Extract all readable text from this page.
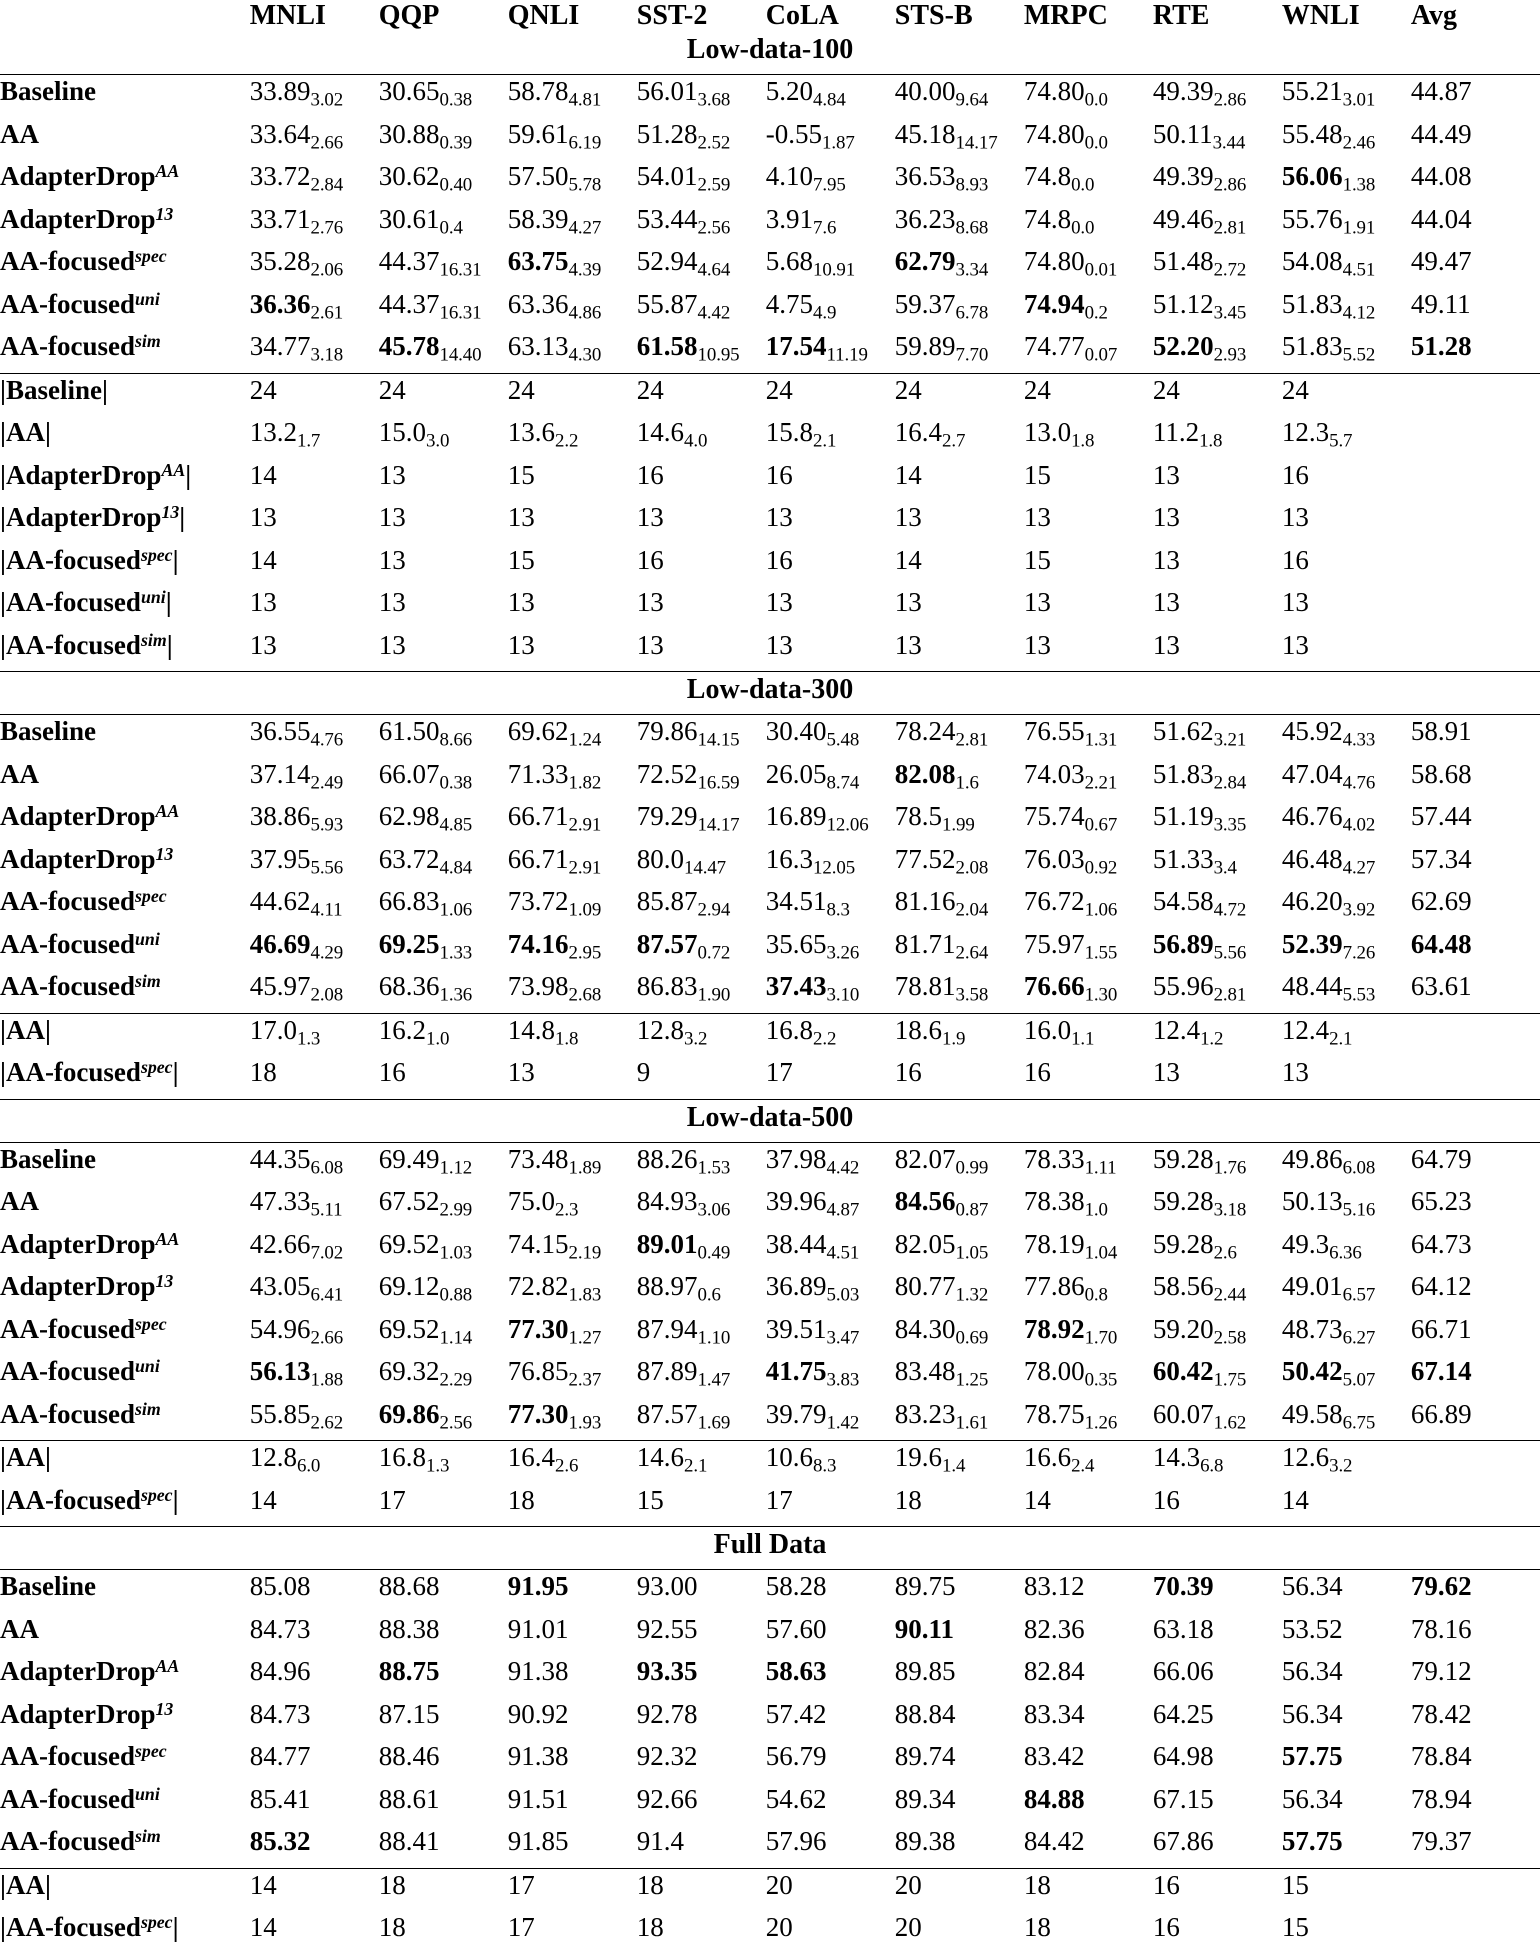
	MNLI	QQP	QNLI	SST-2	CoLA	STS-B	MRPC	RTE	WNLI	Avg
Low-data-100										
Baseline	$33.89_{3.02}$	$30.65_{0.38}$	$58.78_{4.81}$	$56.01_{3.68}$	$5.20_{4.84}$	$40.00_{9.64}$	$74.80_{0.0}$	$49.39_{2.86}$	$55.21_{3.01}$	44.87
AA	$33.64_{2.66}$	$30.88_{0.39}$	$59.61_{6.19}$	$51.28_{2.52}$	$-0.55_{1.87}$	$45.18_{14.17}$	$74.80_{0.0}$	$50.11_{3.44}$	$55.48_{2.46}$	44.49
AdapterDrop$^{AA}$	$33.72_{2.84}$	$30.62_{0.40}$	$57.50_{5.78}$	$54.01_{2.59}$	$4.10_{7.95}$	$36.53_{8.93}$	$74.8_{0.0}$	$49.39_{2.86}$	$56.06_{1.38}$	44.08
AdapterDrop$^{13}$	$33.71_{2.76}$	$30.61_{0.4}$	$58.39_{4.27}$	$53.44_{2.56}$	$3.91_{7.6}$	$36.23_{8.68}$	$74.8_{0.0}$	$49.46_{2.81}$	$55.76_{1.91}$	44.04
AA-focused$^{spec}$	$35.28_{2.06}$	$44.37_{16.31}$	$63.75_{4.39}$	$52.94_{4.64}$	$5.68_{10.91}$	$62.79_{3.34}$	$74.80_{0.01}$	$51.48_{2.72}$	$54.08_{4.51}$	49.47
AA-focused$^{uni}$	$36.36_{2.61}$	$44.37_{16.31}$	$63.36_{4.86}$	$55.87_{4.42}$	$4.75_{4.9}$	$59.37_{6.78}$	$74.94_{0.2}$	$51.12_{3.45}$	$51.83_{4.12}$	49.11
AA-focused$^{sim}$	$34.77_{3.18}$	$45.78_{14.40}$	$63.13_{4.30}$	$61.58_{10.95}$	$17.54_{11.19}$	$59.89_{7.70}$	$74.77_{0.07}$	$52.20_{2.93}$	$51.83_{5.52}$	51.28
|Baseline|	24	24	24	24	24	24	24	24	24	
|AA|	$13.2_{1.7}$	$15.0_{3.0}$	$13.6_{2.2}$	$14.6_{4.0}$	$15.8_{2.1}$	$16.4_{2.7}$	$13.0_{1.8}$	$11.2_{1.8}$	$12.3_{5.7}$	
|AdapterDrop$^{AA}$|	14	13	15	16	16	14	15	13	16	
|AdapterDrop$^{13}$|	13	13	13	13	13	13	13	13	13	
|AA-focused$^{spec}$|	14	13	15	16	16	14	15	13	16	
|AA-focused$^{uni}$|	13	13	13	13	13	13	13	13	13	
|AA-focused$^{sim}$|	13	13	13	13	13	13	13	13	13	
Low-data-300										
Baseline	$36.55_{4.76}$	$61.50_{8.66}$	$69.62_{1.24}$	$79.86_{14.15}$	$30.40_{5.48}$	$78.24_{2.81}$	$76.55_{1.31}$	$51.62_{3.21}$	$45.92_{4.33}$	58.91
AA	$37.14_{2.49}$	$66.07_{0.38}$	$71.33_{1.82}$	$72.52_{16.59}$	$26.05_{8.74}$	$82.08_{1.6}$	$74.03_{2.21}$	$51.83_{2.84}$	$47.04_{4.76}$	58.68
AdapterDrop$^{AA}$	$38.86_{5.93}$	$62.98_{4.85}$	$66.71_{2.91}$	$79.29_{14.17}$	$16.89_{12.06}$	$78.5_{1.99}$	$75.74_{0.67}$	$51.19_{3.35}$	$46.76_{4.02}$	57.44
AdapterDrop$^{13}$	$37.95_{5.56}$	$63.72_{4.84}$	$66.71_{2.91}$	$80.0_{14.47}$	$16.3_{12.05}$	$77.52_{2.08}$	$76.03_{0.92}$	$51.33_{3.4}$	$46.48_{4.27}$	57.34
AA-focused$^{spec}$	$44.62_{4.11}$	$66.83_{1.06}$	$73.72_{1.09}$	$85.87_{2.94}$	$34.51_{8.3}$	$81.16_{2.04}$	$76.72_{1.06}$	$54.58_{4.72}$	$46.20_{3.92}$	62.69
AA-focused$^{uni}$	$46.69_{4.29}$	$69.25_{1.33}$	$74.16_{2.95}$	$87.57_{0.72}$	$35.65_{3.26}$	$81.71_{2.64}$	$75.97_{1.55}$	$56.89_{5.56}$	$52.39_{7.26}$	64.48
AA-focused$^{sim}$	$45.97_{2.08}$	$68.36_{1.36}$	$73.98_{2.68}$	$86.83_{1.90}$	$37.43_{3.10}$	$78.81_{3.58}$	$76.66_{1.30}$	$55.96_{2.81}$	$48.44_{5.53}$	63.61
|AA|	$17.0_{1.3}$	$16.2_{1.0}$	$14.8_{1.8}$	$12.8_{3.2}$	$16.8_{2.2}$	$18.6_{1.9}$	$16.0_{1.1}$	$12.4_{1.2}$	$12.4_{2.1}$	
|AA-focused$^{spec}$|	18	16	13	9	17	16	16	13	13	
Low-data-500										
Baseline	$44.35_{6.08}$	$69.49_{1.12}$	$73.48_{1.89}$	$88.26_{1.53}$	$37.98_{4.42}$	$82.07_{0.99}$	$78.33_{1.11}$	$59.28_{1.76}$	$49.86_{6.08}$	64.79
AA	$47.33_{5.11}$	$67.52_{2.99}$	$75.0_{2.3}$	$84.93_{3.06}$	$39.96_{4.87}$	$84.56_{0.87}$	$78.38_{1.0}$	$59.28_{3.18}$	$50.13_{5.16}$	65.23
AdapterDrop$^{AA}$	$42.66_{7.02}$	$69.52_{1.03}$	$74.15_{2.19}$	$89.01_{0.49}$	$38.44_{4.51}$	$82.05_{1.05}$	$78.19_{1.04}$	$59.28_{2.6}$	$49.3_{6.36}$	64.73
AdapterDrop$^{13}$	$43.05_{6.41}$	$69.12_{0.88}$	$72.82_{1.83}$	$88.97_{0.6}$	$36.89_{5.03}$	$80.77_{1.32}$	$77.86_{0.8}$	$58.56_{2.44}$	$49.01_{6.57}$	64.12
AA-focused$^{spec}$	$54.96_{2.66}$	$69.52_{1.14}$	$77.30_{1.27}$	$87.94_{1.10}$	$39.51_{3.47}$	$84.30_{0.69}$	$78.92_{1.70}$	$59.20_{2.58}$	$48.73_{6.27}$	66.71
AA-focused$^{uni}$	$56.13_{1.88}$	$69.32_{2.29}$	$76.85_{2.37}$	$87.89_{1.47}$	$41.75_{3.83}$	$83.48_{1.25}$	$78.00_{0.35}$	$60.42_{1.75}$	$50.42_{5.07}$	67.14
AA-focused$^{sim}$	$55.85_{2.62}$	$69.86_{2.56}$	$77.30_{1.93}$	$87.57_{1.69}$	$39.79_{1.42}$	$83.23_{1.61}$	$78.75_{1.26}$	$60.07_{1.62}$	$49.58_{6.75}$	66.89
|AA|	$12.8_{6.0}$	$16.8_{1.3}$	$16.4_{2.6}$	$14.6_{2.1}$	$10.6_{8.3}$	$19.6_{1.4}$	$16.6_{2.4}$	$14.3_{6.8}$	$12.6_{3.2}$	
|AA-focused$^{spec}$|	14	17	18	15	17	18	14	16	14	
Full Data										
Baseline	85.08	88.68	91.95	93.00	58.28	89.75	83.12	70.39	56.34	79.62
AA	84.73	88.38	91.01	92.55	57.60	90.11	82.36	63.18	53.52	78.16
AdapterDrop$^{AA}$	84.96	88.75	91.38	93.35	58.63	89.85	82.84	66.06	56.34	79.12
AdapterDrop$^{13}$	84.73	87.15	90.92	92.78	57.42	88.84	83.34	64.25	56.34	78.42
AA-focused$^{spec}$	84.77	88.46	91.38	92.32	56.79	89.74	83.42	64.98	57.75	78.84
AA-focused$^{uni}$	85.41	88.61	91.51	92.66	54.62	89.34	84.88	67.15	56.34	78.94
AA-focused$^{sim}$	85.32	88.41	91.85	91.4	57.96	89.38	84.42	67.86	57.75	79.37
|AA|	14	18	17	18	20	20	18	16	15	
|AA-focused$^{spec}$|	14	18	17	18	20	20	18	16	15	
